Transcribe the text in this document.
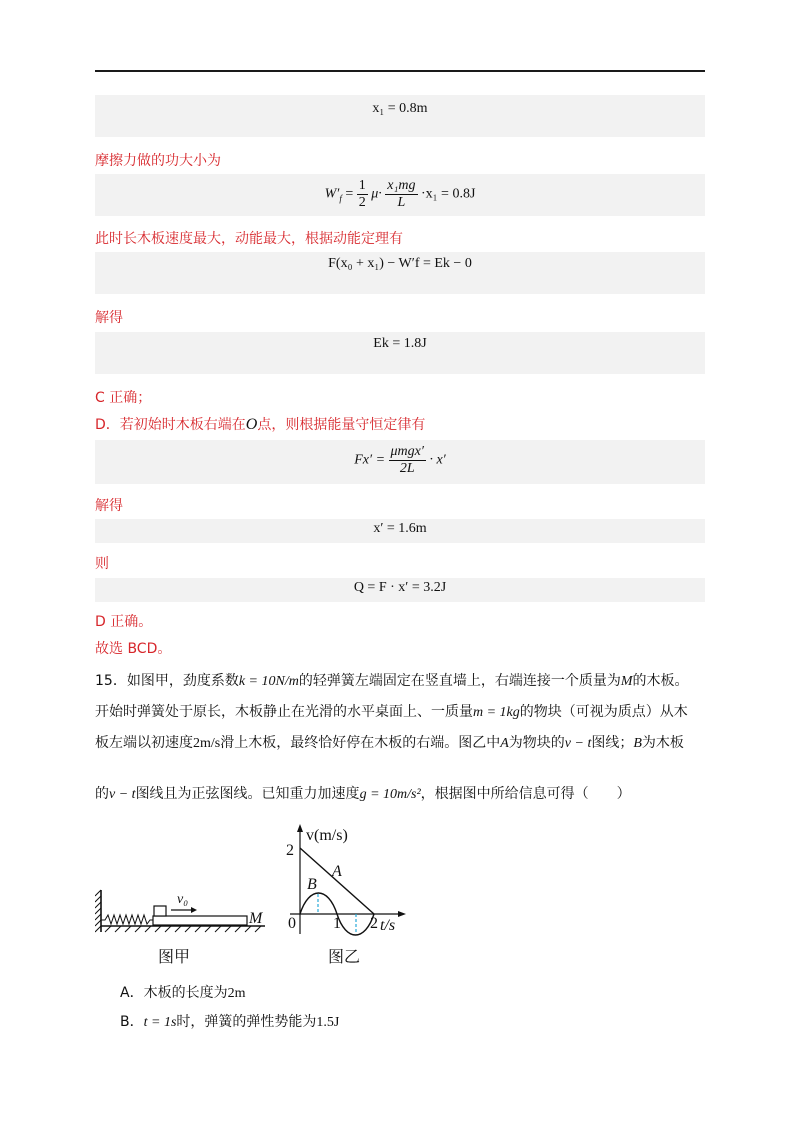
x₁ = 0.8m
摩擦力做的功大小为
$W'_f = \frac{1}{2} \mu\cdot \frac{\text{x₁mg}}{L} \cdot x_1 = 0.8J$
此时长木板速度最大，动能最大，根据动能定理有
F(x₀ + x₁) − W′f = Ek − 0
解得
Ek = 1.8J
C 正确；
D．若初始时木板右端在O点，则根据能量守恒定律有
$Fx' = \frac{\text{μmgx′}}{2L} \cdot x'$
解得
x′ = 1.6m
则
Q = F · x′ = 3.2J
D 正确。
故选 BCD。
15．如图甲，劲度系数k = 10N/m的轻弹簧左端固定在竖直墙上，右端连接一个质量为M的木板。
开始时弹簧处于原长，木板静止在光滑的水平桌面上、一质量m = 1kg的物块（可视为质点）从木
板左端以初速度2m/s滑上木板，最终恰好停在木板的右端。图乙中A为物块的v − t图线；B为木板
的v − t图线且为正弦图线。已知重力加速度g = 10m/s²，根据图中所给信息可得（　　）
v₀
M
图甲
v(m/s)
2
0 1 2 t/s
A
B
图乙
A．木板的长度为2m
B．t = 1s时，弹簧的弹性势能为1.5J
